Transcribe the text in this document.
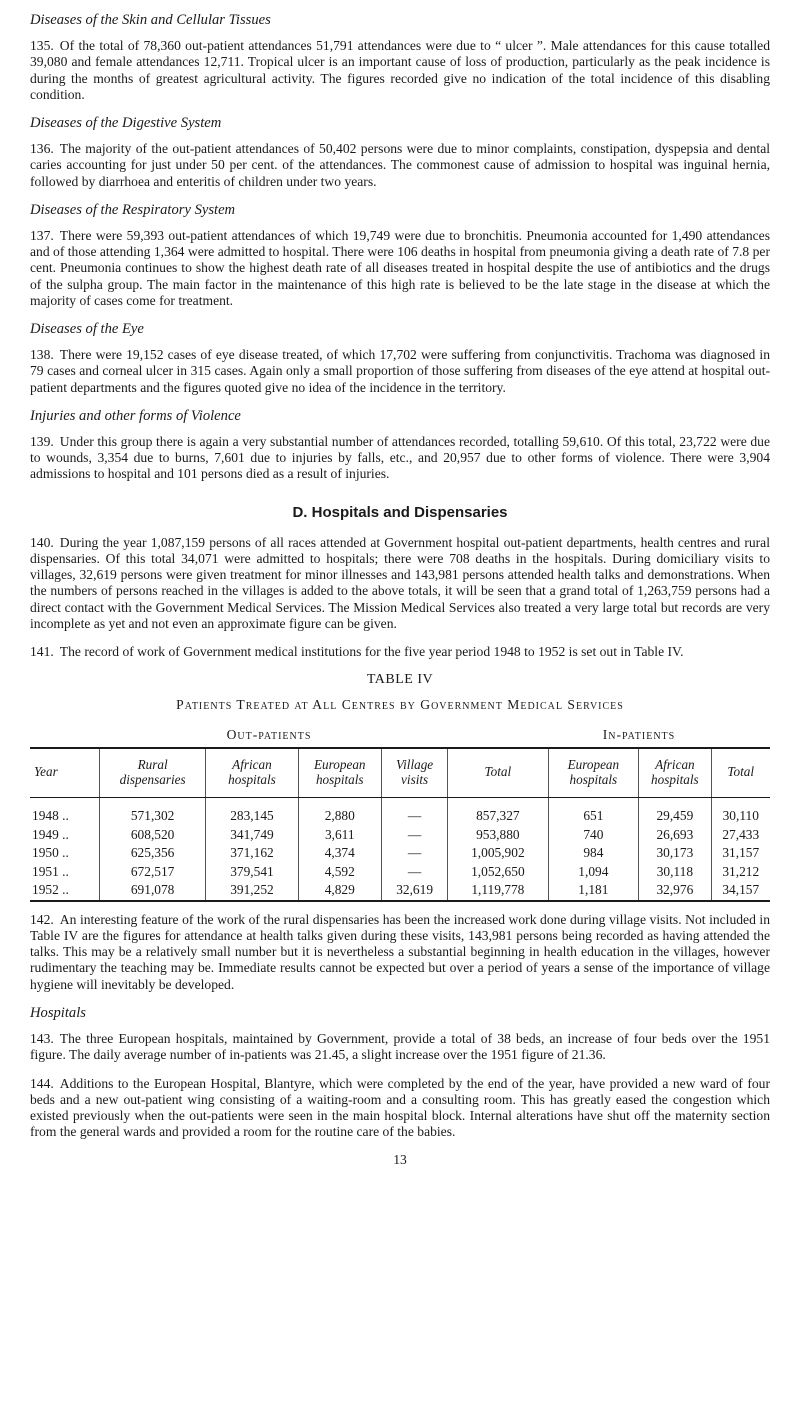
Diseases of the Skin and Cellular Tissues

135. Of the total of 78,360 out-patient attendances 51,791 attendances were due to “ ulcer ”. Male attendances for this cause totalled 39,080 and female attendances 12,711. Tropical ulcer is an important cause of loss of production, particularly as the peak incidence is during the months of greatest agricultural activity. The figures recorded give no indication of the total incidence of this disabling condition.

Diseases of the Digestive System

136. The majority of the out-patient attendances of 50,402 persons were due to minor complaints, constipation, dyspepsia and dental caries accounting for just under 50 per cent. of the attendances. The commonest cause of admission to hospital was inguinal hernia, followed by diarrhoea and enteritis of children under two years.

Diseases of the Respiratory System

137. There were 59,393 out-patient attendances of which 19,749 were due to bronchitis. Pneumonia accounted for 1,490 attendances and of those attending 1,364 were admitted to hospital. There were 106 deaths in hospital from pneumonia giving a death rate of 7.8 per cent. Pneumonia continues to show the highest death rate of all diseases treated in hospital despite the use of antibiotics and the drugs of the sulpha group. The main factor in the maintenance of this high rate is believed to be the late stage in the disease at which the majority of cases come for treatment.

Diseases of the Eye

138. There were 19,152 cases of eye disease treated, of which 17,702 were suffering from conjunctivitis. Trachoma was diagnosed in 79 cases and corneal ulcer in 315 cases. Again only a small proportion of those suffering from diseases of the eye attend at hospital out-patient departments and the figures quoted give no idea of the incidence in the territory.

Injuries and other forms of Violence

139. Under this group there is again a very substantial number of attendances recorded, totalling 59,610. Of this total, 23,722 were due to wounds, 3,354 due to burns, 7,601 due to injuries by falls, etc., and 20,957 due to other forms of violence. There were 3,904 admissions to hospital and 101 persons died as a result of injuries.

D. Hospitals and Dispensaries

140. During the year 1,087,159 persons of all races attended at Government hospital out-patient departments, health centres and rural dispensaries. Of this total 34,071 were admitted to hospitals; there were 708 deaths in the hospitals. During domiciliary visits to villages, 32,619 persons were given treatment for minor illnesses and 143,981 persons attended health talks and demonstrations. When the numbers of persons reached in the villages is added to the above totals, it will be seen that a grand total of 1,263,759 persons had a direct contact with the Government Medical Services. The Mission Medical Services also treated a very large total but records are very incomplete as yet and not even an approximate figure can be given.

141. The record of work of Government medical institutions for the five year period 1948 to 1952 is set out in Table IV.

TABLE IV
Patients Treated at All Centres by Government Medical Services
Out-patients	In-patients
Year	Rural dispensaries	African hospitals	European hospitals	Village visits	Total	European hospitals	African hospitals	Total
1948 ..	571,302	283,145	2,880	—	857,327	651	29,459	30,110
1949 ..	608,520	341,749	3,611	—	953,880	740	26,693	27,433
1950 ..	625,356	371,162	4,374	—	1,005,902	984	30,173	31,157
1951 ..	672,517	379,541	4,592	—	1,052,650	1,094	30,118	31,212
1952 ..	691,078	391,252	4,829	32,619	1,119,778	1,181	32,976	34,157

142. An interesting feature of the work of the rural dispensaries has been the increased work done during village visits. Not included in Table IV are the figures for attendance at health talks given during these visits, 143,981 persons being recorded as having attended the talks. This may be a relatively small number but it is nevertheless a substantial beginning in health education in the villages, however rudimentary the teaching may be. Immediate results cannot be expected but over a period of years a sense of the importance of village hygiene will inevitably be developed.

Hospitals

143. The three European hospitals, maintained by Government, provide a total of 38 beds, an increase of four beds over the 1951 figure. The daily average number of in-patients was 21.45, a slight increase over the 1951 figure of 21.36.

144. Additions to the European Hospital, Blantyre, which were completed by the end of the year, have provided a new ward of four beds and a new out-patient wing consisting of a waiting-room and a consulting room. This has greatly eased the congestion which existed previously when the out-patients were seen in the main hospital block. Internal alterations have shut off the maternity section from the general wards and provided a room for the routine care of the babies.

13
